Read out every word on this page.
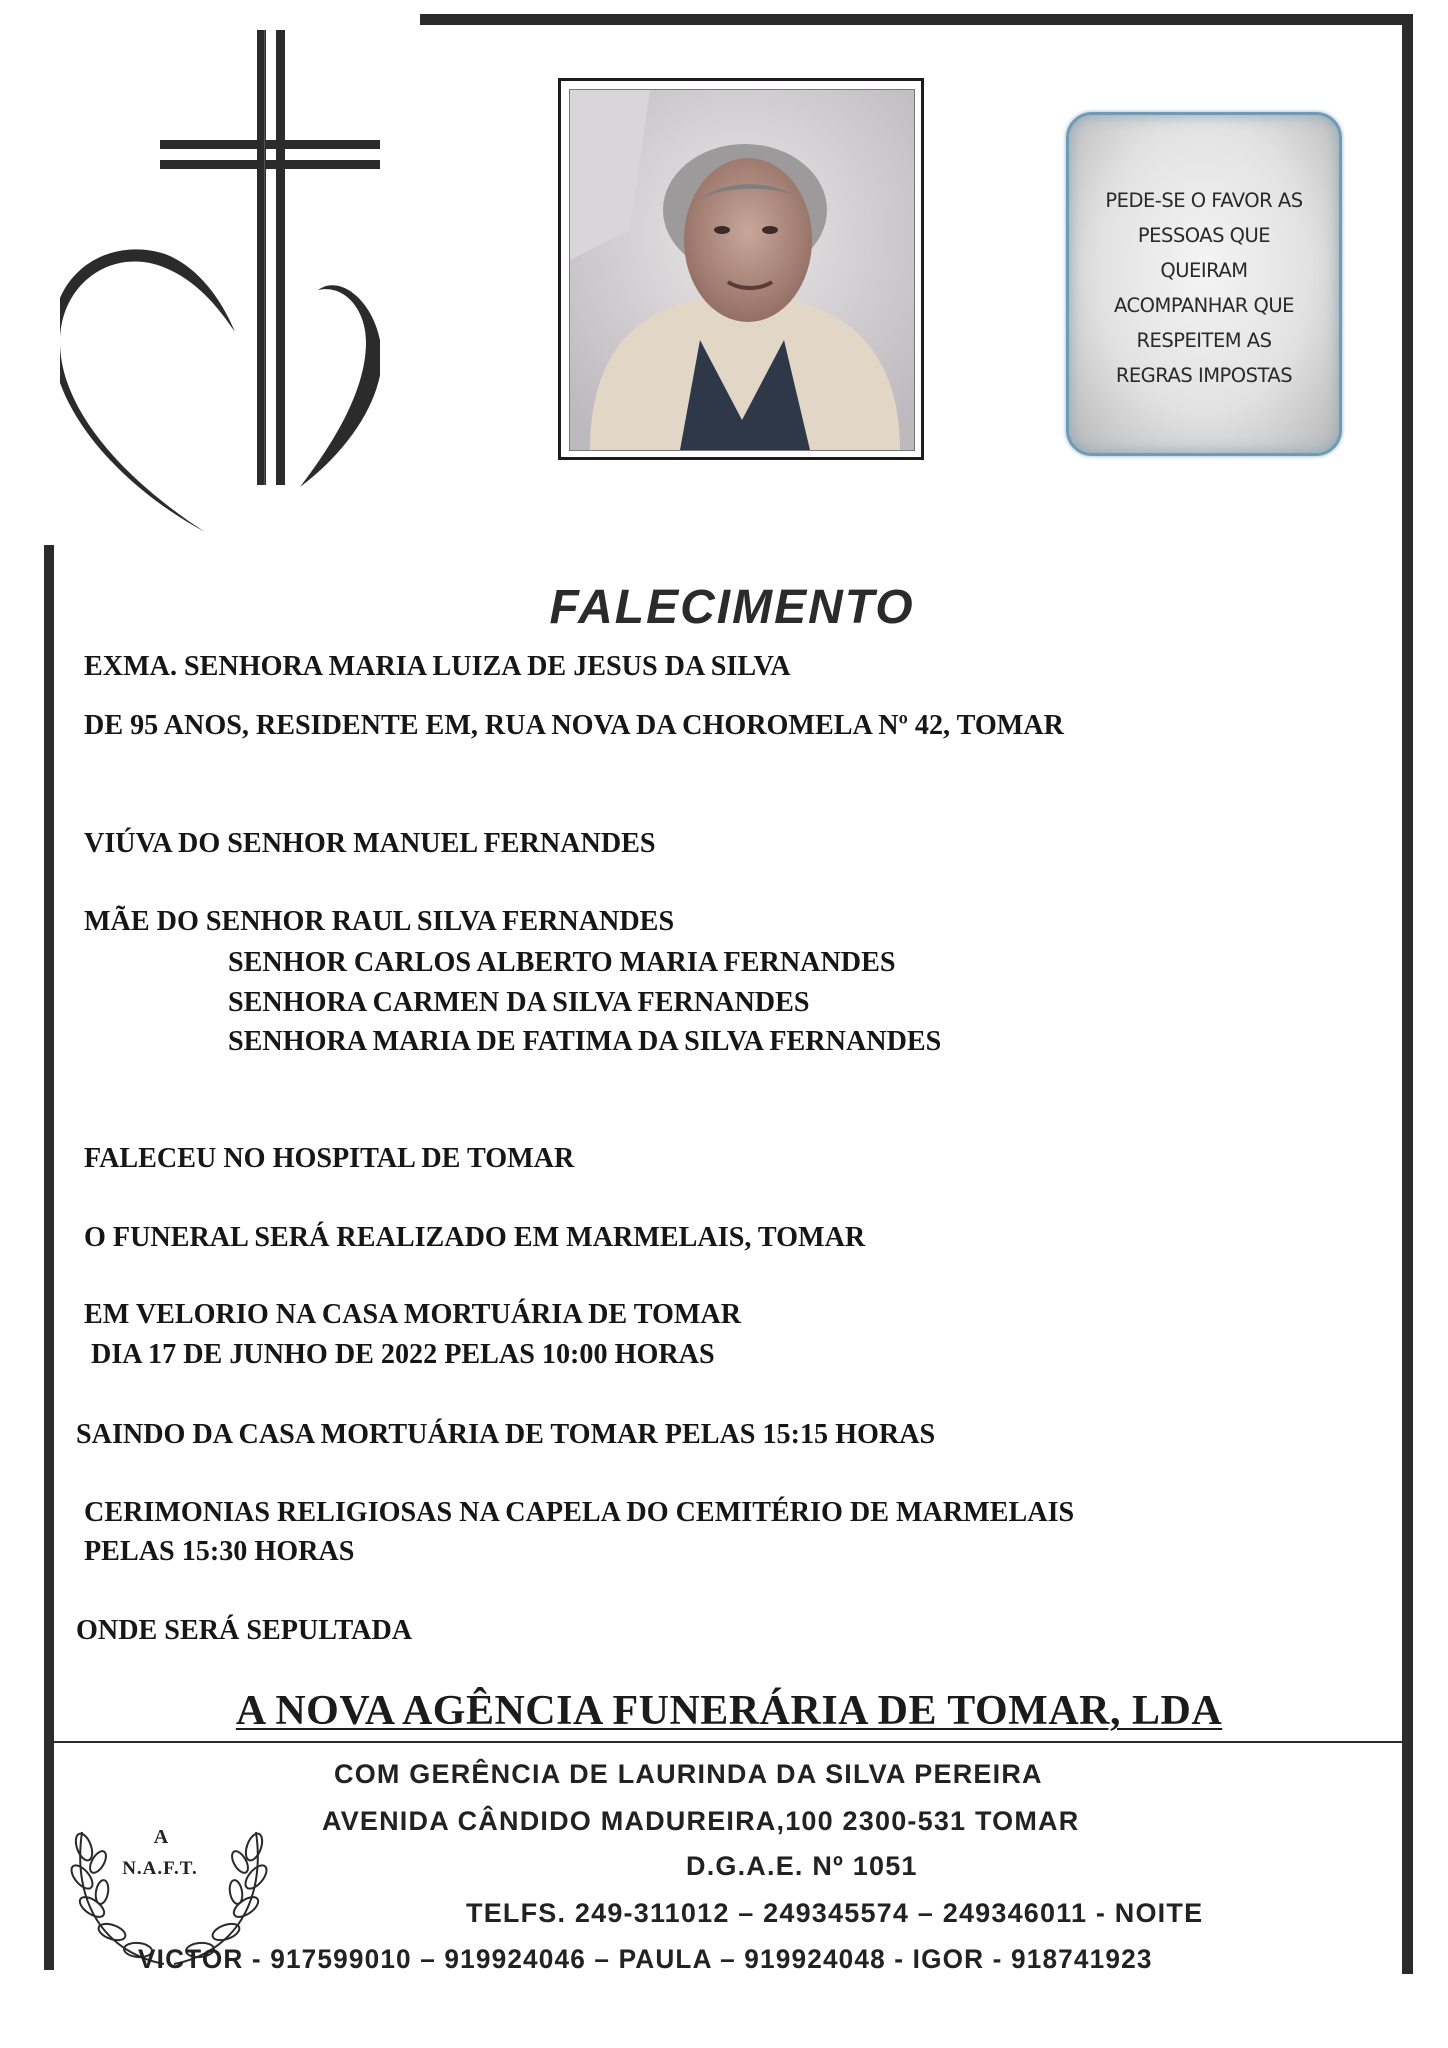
PEDE-SE O FAVOR AS
PESSOAS QUE
QUEIRAM
ACOMPANHAR QUE
RESPEITEM AS
REGRAS IMPOSTAS
FALECIMENTO
EXMA. SENHORA MARIA LUIZA DE JESUS DA SILVA
DE 95 ANOS, RESIDENTE EM, RUA NOVA DA CHOROMELA Nº 42, TOMAR
VIÚVA DO SENHOR MANUEL FERNANDES
MÃE DO SENHOR RAUL SILVA FERNANDES
SENHOR CARLOS ALBERTO MARIA FERNANDES
SENHORA CARMEN DA SILVA FERNANDES
SENHORA MARIA DE FATIMA DA SILVA FERNANDES
FALECEU NO HOSPITAL DE TOMAR
O FUNERAL SERÁ REALIZADO EM MARMELAIS, TOMAR
EM VELORIO NA CASA MORTUÁRIA DE TOMAR
DIA 17 DE JUNHO DE 2022 PELAS 10:00 HORAS
SAINDO DA CASA MORTUÁRIA DE TOMAR PELAS 15:15 HORAS
CERIMONIAS RELIGIOSAS NA CAPELA DO CEMITÉRIO DE MARMELAIS
PELAS 15:30 HORAS
ONDE SERÁ SEPULTADA
A NOVA AGÊNCIA FUNERÁRIA DE TOMAR, LDA
A
N.A.F.T.
COM GERÊNCIA DE LAURINDA DA SILVA PEREIRA
AVENIDA CÂNDIDO MADUREIRA,100 2300-531 TOMAR
D.G.A.E. Nº 1051
TELFS. 249-311012 – 249345574 – 249346011 - NOITE
VICTOR - 917599010 – 919924046 – PAULA – 919924048 - IGOR - 918741923
